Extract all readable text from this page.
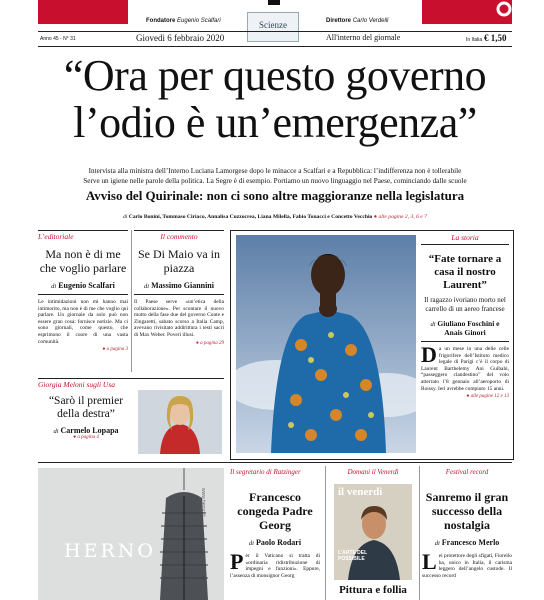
Fondatore Eugenio Scalfari	Scienze	Direttore Carlo Verdelli
Anno 45 - N° 31	Giovedì 6 febbraio 2020	All'interno del giornale	In Italia € 1,50
“Ora per questo governo
l’odio è un’emergenza”
Intervista alla ministra dell’Interno Luciana Lamorgese dopo le minacce a Scalfari e a Repubblica: l’indifferenza non è tollerabile
Serve un igiene nelle parole della politica. La Segre è di esempio. Portiamo un nuovo linguaggio nel Paese, cominciando dalle scuole
Avviso del Quirinale: non ci sono altre maggioranze nella legislatura
di Carlo Bonini, Tommaso Ciriaco, Annalisa Cuzzocrea, Liana Milella, Fabio Tonacci e Concetto Vecchio ● alle pagine 2, 3, 6 e 7
L’editoriale
Ma non è di me che voglio parlare
di Eugenio Scalfari
Le intimidazioni non mi hanno mai intimorito, ma non è di me che voglio qui parlare. Un giornale da solo può non essere gran cosa: fornisce notizie. Ma ci sono giornali, come questo, che esprimono il cuore di una vasta comunità.
● a pagina 3
Il commento
Se Di Maio va in piazza
di Massimo Giannini
Il Paese serve «un’etica della collaborazione». Per scontare il nuovo motto della fase due del governo Conte e Zingaretti, sabato scorso a Italia Camp, avevano rivisitato addirittura i testi sacri di Max Weber. Poveri illusi.
● a pagina 29
La storia
“Fate tornare a casa il nostro Laurent”
Il ragazzo ivoriano morto nel carrello di un aereo francese
di Giuliano Foschini e Anais Ginori
D a un mese in una delle celle frigorifere dell’Istituto medico legale di Parigi c’è il corpo di Laurent Barthelemy Ani Guibahi, “passeggero clandestino” del volo atterrato l’8 gennaio all’aeroporto di Roissy. Ieri avrebbe compiuto 15 anni.
● alle pagine 12 e 13
Giorgia Meloni sugli Usa
“Sarò il premier della destra”
di Carmelo Lopapa
● a pagina 4
HERNO
www.herno.it
Il segretario di Ratzinger
Francesco congeda Padre Georg
di Paolo Rodari
P er il Vaticano si tratta di «ordinaria ridistribuzione di impegni e funzioni». Eppure, l’assenza di monsignor Georg
Domani il Venerdì
il venerdì
L’ARTE DEL POSSIBILE
Pittura e follia
Festival record
Sanremo il gran successo della nostalgia
di Francesco Merlo
L ei protettore degli sfigati, Fiorello ha, unico in Italia, il carisma leggero dell’angelo custode. Il successo record
